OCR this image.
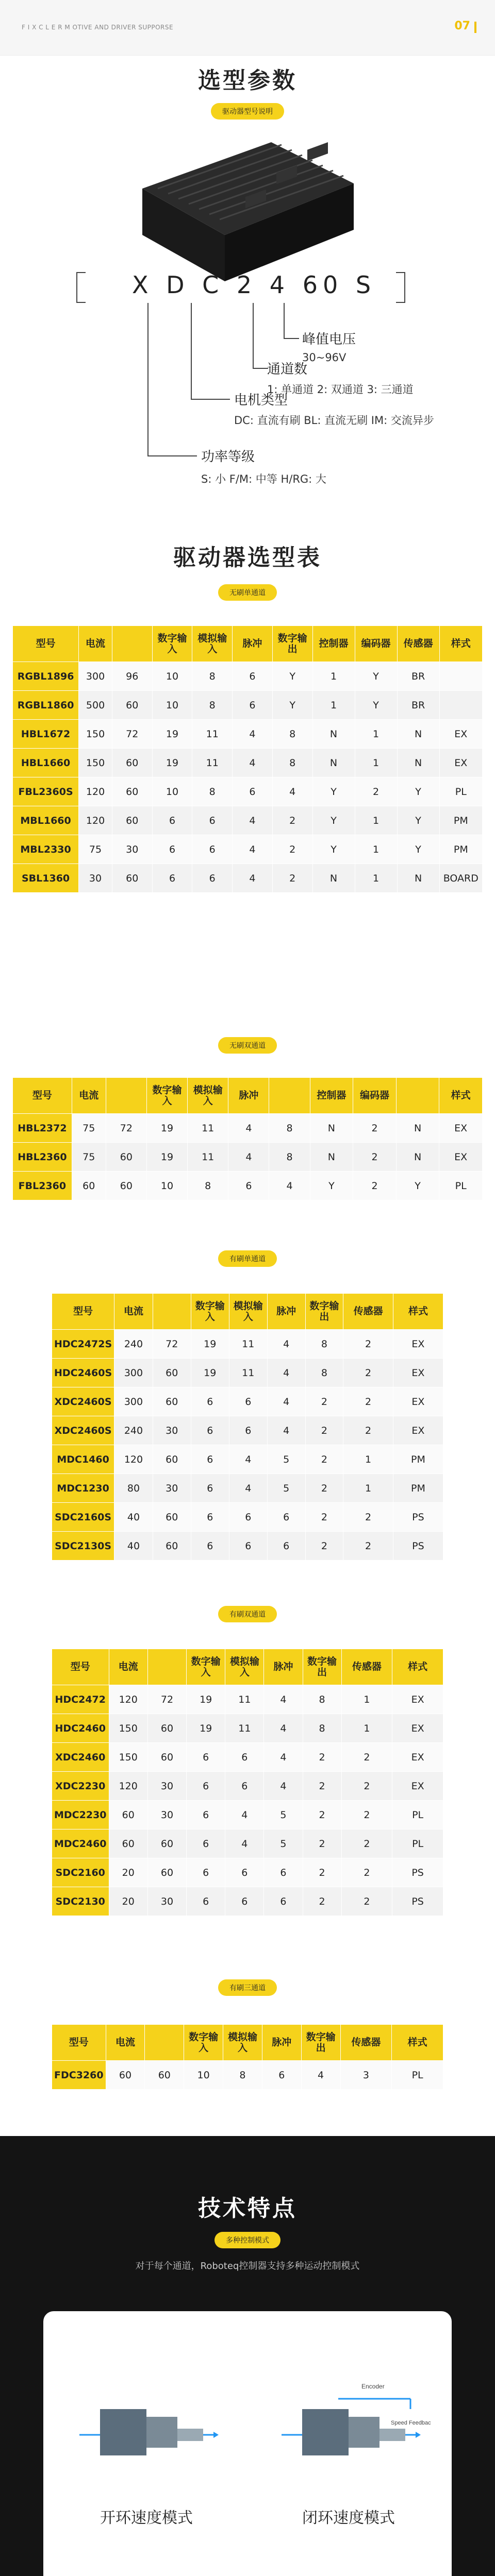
F I X C L E R M OTIVE AND DRIVER SUPPORSE	07
选型参数
驱动器型号说明
X D C 2 4 60 S
峰值电压
30~96V
通道数
1: 单通道 2: 双通道 3: 三通道
电机类型
DC: 直流有刷 BL: 直流无刷 IM: 交流异步
功率等级
S: 小 F/M: 中等 H/RG: 大
驱动器选型表
无刷单通道
型号	电流		数字输入	模拟输入	脉冲	数字输出	控制器	编码器	传感器	样式
RGBL1896	300	96	10	8	6	Y	1	Y	BR	
RGBL1860	500	60	10	8	6	Y	1	Y	BR	
HBL1672	150	72	19	11	4	8	N	1	N	EX
HBL1660	150	60	19	11	4	8	N	1	N	EX
FBL2360S	120	60	10	8	6	4	Y	2	Y	PL
MBL1660	120	60	6	6	4	2	Y	1	Y	PM
MBL2330	75	30	6	6	4	2	Y	1	Y	PM
SBL1360	30	60	6	6	4	2	N	1	N	BOARD
无刷双通道
型号	电流		数字输入	模拟输入	脉冲		控制器	编码器		样式
HBL2372	75	72	19	11	4	8	N	2	N	EX
HBL2360	75	60	19	11	4	8	N	2	N	EX
FBL2360	60	60	10	8	6	4	Y	2	Y	PL
有刷单通道
型号	电流		数字输入	模拟输入	脉冲	数字输出	传感器	样式
HDC2472S	240	72	19	11	4	8	2	EX
HDC2460S	300	60	19	11	4	8	2	EX
XDC2460S	300	60	6	6	4	2	2	EX
XDC2460S	240	30	6	6	4	2	2	EX
MDC1460	120	60	6	4	5	2	1	PM
MDC1230	80	30	6	4	5	2	1	PM
SDC2160S	40	60	6	6	6	2	2	PS
SDC2130S	40	60	6	6	6	2	2	PS
有刷双通道
型号	电流		数字输入	模拟输入	脉冲	数字输出	传感器	样式
HDC2472	120	72	19	11	4	8	1	EX
HDC2460	150	60	19	11	4	8	1	EX
XDC2460	150	60	6	6	4	2	2	EX
XDC2230	120	30	6	6	4	2	2	EX
MDC2230	60	30	6	4	5	2	2	PL
MDC2460	60	60	6	4	5	2	2	PL
SDC2160	20	60	6	6	6	2	2	PS
SDC2130	20	30	6	6	6	2	2	PS
有刷三通道
型号	电流		数字输入	模拟输入	脉冲	数字输出	传感器	样式
FDC3260	60	60	10	8	6	4	3	PL
技术特点
多种控制模式
对于每个通道，Roboteq控制器支持多种运动控制模式
开环速度模式
Encoder
Speed Feedback
闭环速度模式
